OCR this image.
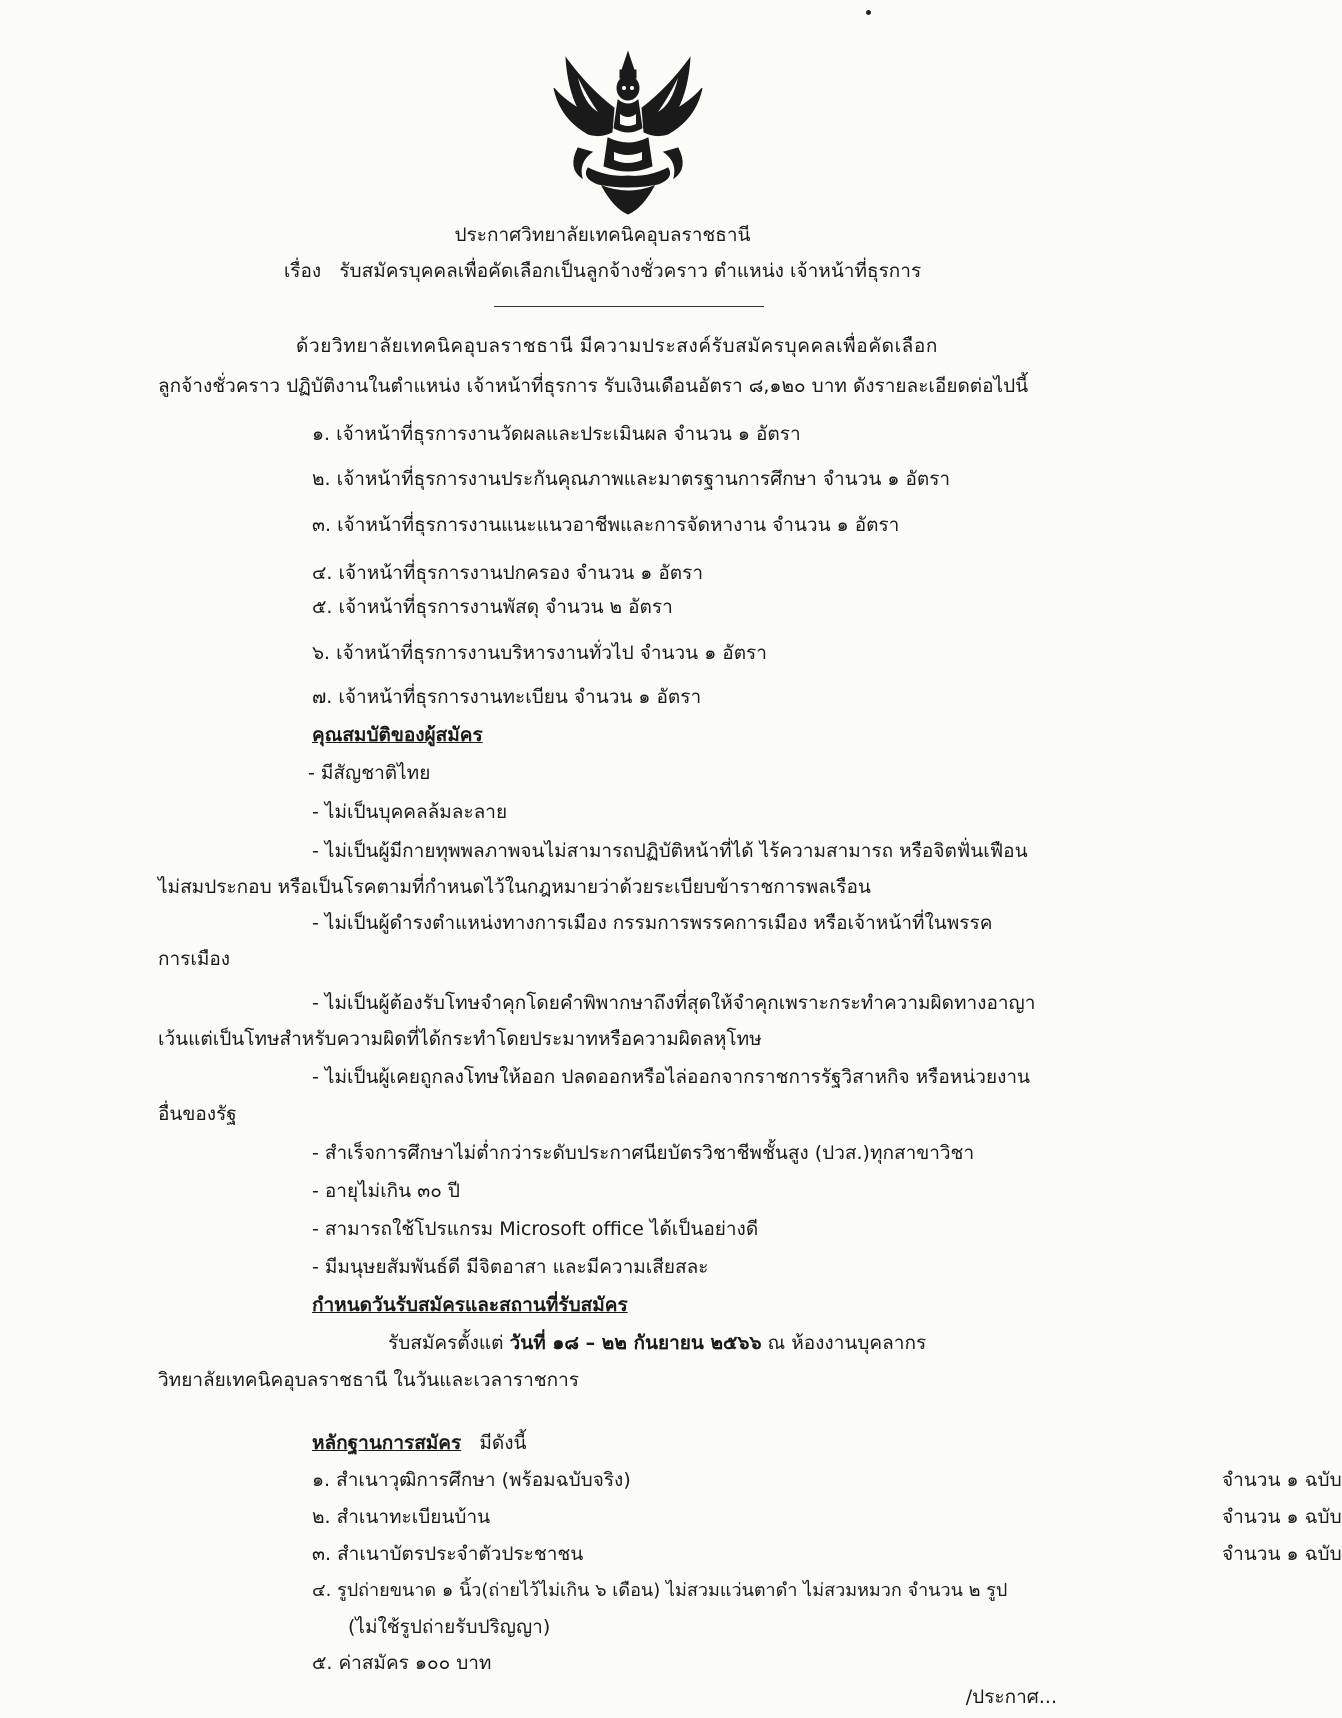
ประกาศวิทยาลัยเทคนิคอุบลราชธานี
เรื่อง รับสมัครบุคคลเพื่อคัดเลือกเป็นลูกจ้างชั่วคราว ตำแหน่ง เจ้าหน้าที่ธุรการ
ด้วยวิทยาลัยเทคนิคอุบลราชธานี มีความประสงค์รับสมัครบุคคลเพื่อคัดเลือก
ลูกจ้างชั่วคราว ปฏิบัติงานในตำแหน่ง เจ้าหน้าที่ธุรการ รับเงินเดือนอัตรา ๘,๑๒๐ บาท ดังรายละเอียดต่อไปนี้
๑. เจ้าหน้าที่ธุรการงานวัดผลและประเมินผล จำนวน ๑ อัตรา
๒. เจ้าหน้าที่ธุรการงานประกันคุณภาพและมาตรฐานการศึกษา จำนวน ๑ อัตรา
๓. เจ้าหน้าที่ธุรการงานแนะแนวอาชีพและการจัดหางาน จำนวน ๑ อัตรา
๔. เจ้าหน้าที่ธุรการงานปกครอง จำนวน ๑ อัตรา
๕. เจ้าหน้าที่ธุรการงานพัสดุ จำนวน ๒ อัตรา
๖. เจ้าหน้าที่ธุรการงานบริหารงานทั่วไป จำนวน ๑ อัตรา
๗. เจ้าหน้าที่ธุรการงานทะเบียน จำนวน ๑ อัตรา
คุณสมบัติของผู้สมัคร
- มีสัญชาติไทย
- ไม่เป็นบุคคลล้มละลาย
- ไม่เป็นผู้มีกายทุพพลภาพจนไม่สามารถปฏิบัติหน้าที่ได้ ไร้ความสามารถ หรือจิตฟั่นเฟือน
ไม่สมประกอบ หรือเป็นโรคตามที่กำหนดไว้ในกฎหมายว่าด้วยระเบียบข้าราชการพลเรือน
- ไม่เป็นผู้ดำรงตำแหน่งทางการเมือง กรรมการพรรคการเมือง หรือเจ้าหน้าที่ในพรรค
การเมือง
- ไม่เป็นผู้ต้องรับโทษจำคุกโดยคำพิพากษาถึงที่สุดให้จำคุกเพราะกระทำความผิดทางอาญา
เว้นแต่เป็นโทษสำหรับความผิดที่ได้กระทำโดยประมาทหรือความผิดลหุโทษ
- ไม่เป็นผู้เคยถูกลงโทษให้ออก ปลดออกหรือไล่ออกจากราชการรัฐวิสาหกิจ หรือหน่วยงาน
อื่นของรัฐ
- สำเร็จการศึกษาไม่ต่ำกว่าระดับประกาศนียบัตรวิชาชีพชั้นสูง (ปวส.)ทุกสาขาวิชา
- อายุไม่เกิน ๓๐ ปี
- สามารถใช้โปรแกรม Microsoft office ได้เป็นอย่างดี
- มีมนุษยสัมพันธ์ดี มีจิตอาสา และมีความเสียสละ
กำหนดวันรับสมัครและสถานที่รับสมัคร
รับสมัครตั้งแต่ วันที่ ๑๘ – ๒๒ กันยายน ๒๕๖๖ ณ ห้องงานบุคลากร
วิทยาลัยเทคนิคอุบลราชธานี ในวันและเวลาราชการ
หลักฐานการสมัคร มีดังนี้
๑. สำเนาวุฒิการศึกษา (พร้อมฉบับจริง)	จำนวน ๑ ฉบับ
๒. สำเนาทะเบียนบ้าน	จำนวน ๑ ฉบับ
๓. สำเนาบัตรประจำตัวประชาชน	จำนวน ๑ ฉบับ
๔. รูปถ่ายขนาด ๑ นิ้ว(ถ่ายไว้ไม่เกิน ๖ เดือน) ไม่สวมแว่นตาดำ ไม่สวมหมวก จำนวน ๒ รูป
(ไม่ใช้รูปถ่ายรับปริญญา)
๕. ค่าสมัคร ๑๐๐ บาท
/ประกาศ...
